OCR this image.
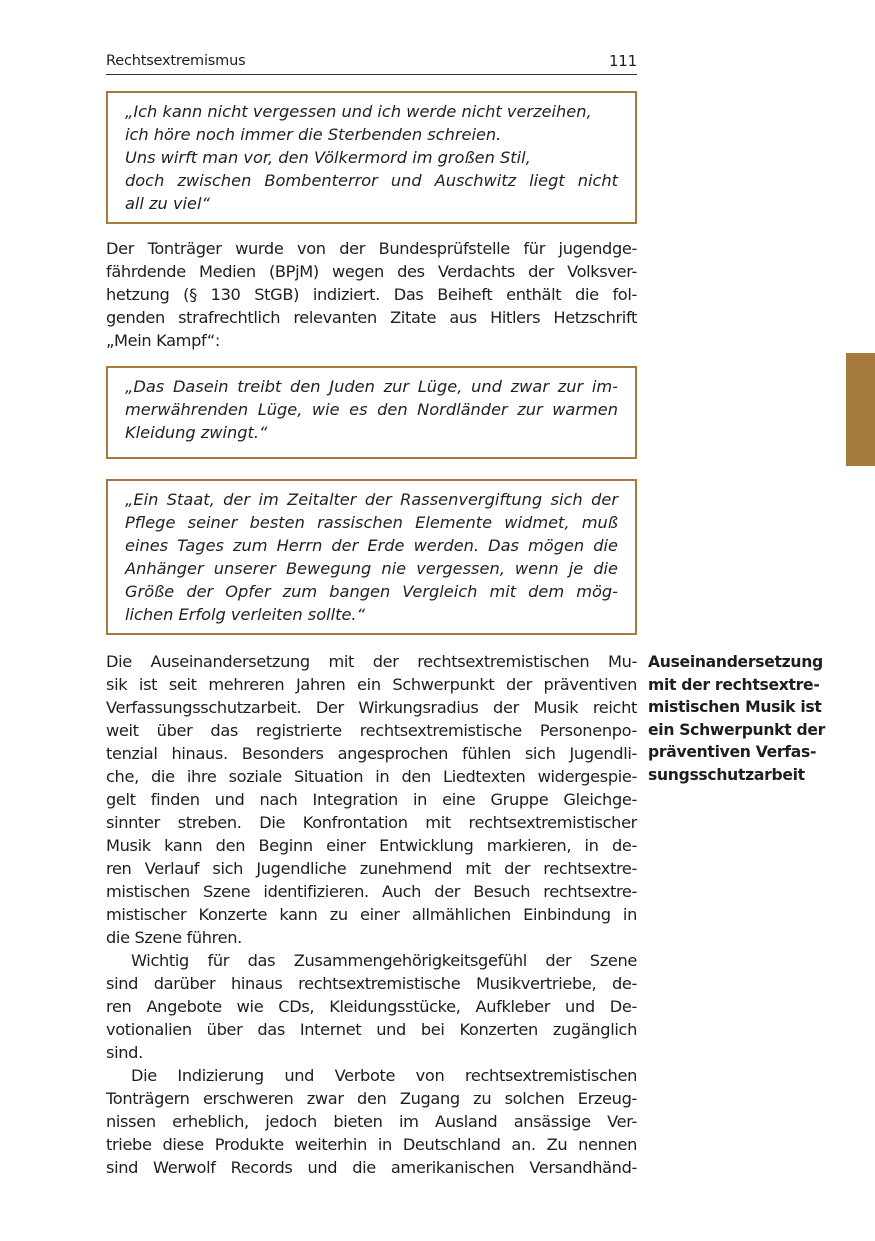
Rechtsextremismus	111
„Ich kann nicht vergessen und ich werde nicht verzeihen,
ich höre noch immer die Sterbenden schreien.
Uns wirft man vor, den Völkermord im großen Stil,
doch zwischen Bombenterror und Auschwitz liegt nicht
all zu viel“
Der Tonträger wurde von der Bundesprüfstelle für jugendge-
fährdende Medien (BPjM) wegen des Verdachts der Volksver-
hetzung (§ 130 StGB) indiziert. Das Beiheft enthält die fol-
genden strafrechtlich relevanten Zitate aus Hitlers Hetzschrift
„Mein Kampf“:
„Das Dasein treibt den Juden zur Lüge, und zwar zur im-
merwährenden Lüge, wie es den Nordländer zur warmen
Kleidung zwingt.“
„Ein Staat, der im Zeitalter der Rassenvergiftung sich der
Pflege seiner besten rassischen Elemente widmet, muß
eines Tages zum Herrn der Erde werden. Das mögen die
Anhänger unserer Bewegung nie vergessen, wenn je die
Größe der Opfer zum bangen Vergleich mit dem mög-
lichen Erfolg verleiten sollte.“
Die Auseinandersetzung mit der rechtsextremistischen Mu-
sik ist seit mehreren Jahren ein Schwerpunkt der präventiven
Verfassungsschutzarbeit. Der Wirkungsradius der Musik reicht
weit über das registrierte rechtsextremistische Personenpo-
tenzial hinaus. Besonders angesprochen fühlen sich Jugendli-
che, die ihre soziale Situation in den Liedtexten widergespie-
gelt finden und nach Integration in eine Gruppe Gleichge-
sinnter streben. Die Konfrontation mit rechtsextremistischer
Musik kann den Beginn einer Entwicklung markieren, in de-
ren Verlauf sich Jugendliche zunehmend mit der rechtsextre-
mistischen Szene identifizieren. Auch der Besuch rechtsextre-
mistischer Konzerte kann zu einer allmählichen Einbindung in
die Szene führen.
Wichtig für das Zusammengehörigkeitsgefühl der Szene
sind darüber hinaus rechtsextremistische Musikvertriebe, de-
ren Angebote wie CDs, Kleidungsstücke, Aufkleber und De-
votionalien über das Internet und bei Konzerten zugänglich
sind.
Die Indizierung und Verbote von rechtsextremistischen
Tonträgern erschweren zwar den Zugang zu solchen Erzeug-
nissen erheblich, jedoch bieten im Ausland ansässige Ver-
triebe diese Produkte weiterhin in Deutschland an. Zu nennen
sind Werwolf Records und die amerikanischen Versandhänd-
Auseinandersetzung
mit der rechtsextre-
mistischen Musik ist
ein Schwerpunkt der
präventiven Verfas-
sungsschutzarbeit
